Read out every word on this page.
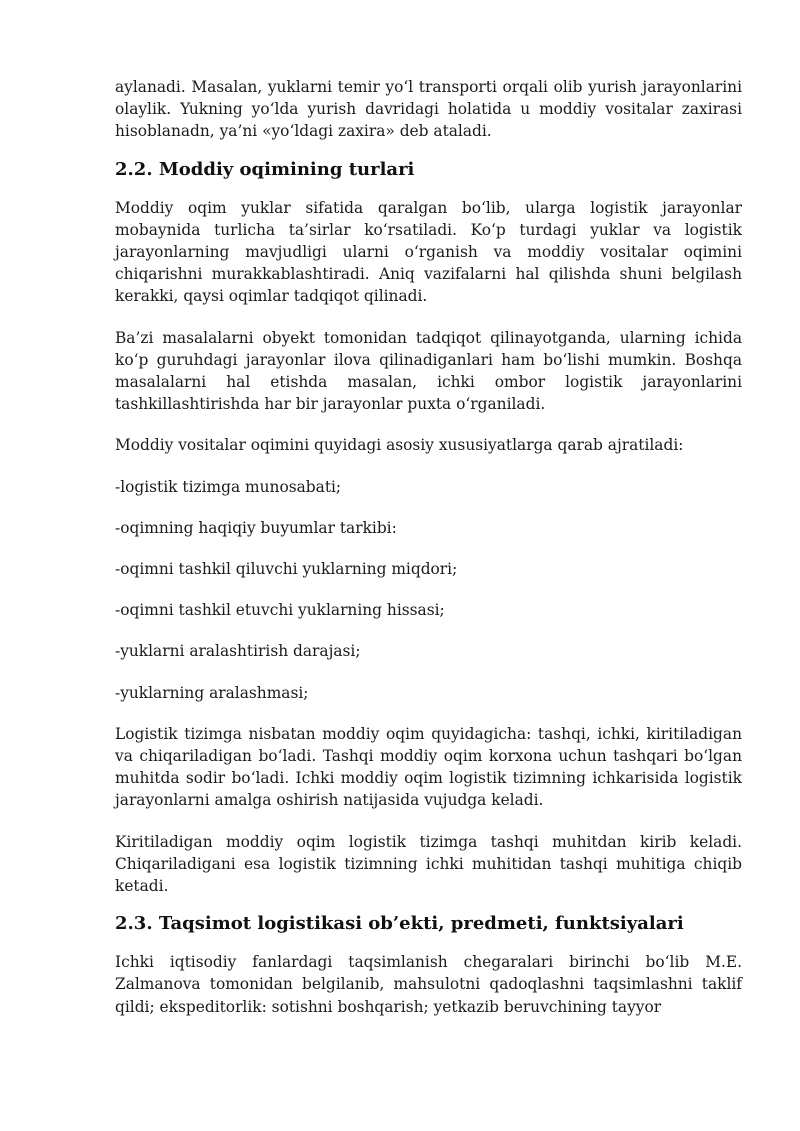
aylanadi. Masalan, yuklarni temir yo‘l transporti orqali olib yurish jarayonlarini olaylik. Yukning yo‘lda yurish davridagi holatida u moddiy vositalar zaxirasi hisoblanadn, ya’ni «yo‘ldagi zaxira» deb ataladi.

2.2. Moddiy oqimining turlari

Moddiy oqim yuklar sifatida qaralgan bo‘lib, ularga logistik jarayonlar mobaynida turlicha ta’sirlar ko‘rsatiladi. Ko‘p turdagi yuklar va logistik jarayonlarning mavjudligi ularni o‘rganish va moddiy vositalar oqimini chiqarishni murakkablashtiradi. Aniq vazifalarni hal qilishda shuni belgilash kerakki, qaysi oqimlar tadqiqot qilinadi.

Ba’zi masalalarni obyekt tomonidan tadqiqot qilinayotganda, ularning ichida ko‘p guruhdagi jarayonlar ilova qilinadiganlari ham bo‘lishi mumkin. Boshqa masalalarni hal etishda masalan, ichki ombor logistik jarayonlarini tashkillashtirishda har bir jarayonlar puxta o‘rganiladi.

Moddiy vositalar oqimini quyidagi asosiy xususiyatlarga qarab ajratiladi:

-logistik tizimga munosabati;

-oqimning haqiqiy buyumlar tarkibi:

-oqimni tashkil qiluvchi yuklarning miqdori;

-oqimni tashkil etuvchi yuklarning hissasi;

-yuklarni aralashtirish darajasi;

-yuklarning aralashmasi;

Logistik tizimga nisbatan moddiy oqim quyidagicha: tashqi, ichki, kiritiladigan va chiqariladigan bo‘ladi. Tashqi moddiy oqim korxona uchun tashqari bo‘lgan muhitda sodir bo‘ladi. Ichki moddiy oqim logistik tizimning ichkarisida logistik jarayonlarni amalga oshirish natijasida vujudga keladi.

Kiritiladigan moddiy oqim logistik tizimga tashqi muhitdan kirib keladi. Chiqariladigani esa logistik tizimning ichki muhitidan tashqi muhitiga chiqib ketadi.

2.3. Taqsimot logistikasi ob’ekti, predmeti, funktsiyalari

Ichki iqtisodiy fanlardagi taqsimlanish chegaralari birinchi bo‘lib M.E. Zalmanova tomonidan belgilanib, mahsulotni qadoqlashni taqsimlashni taklif qildi; ekspeditorlik: sotishni boshqarish; yetkazib beruvchining tayyor
